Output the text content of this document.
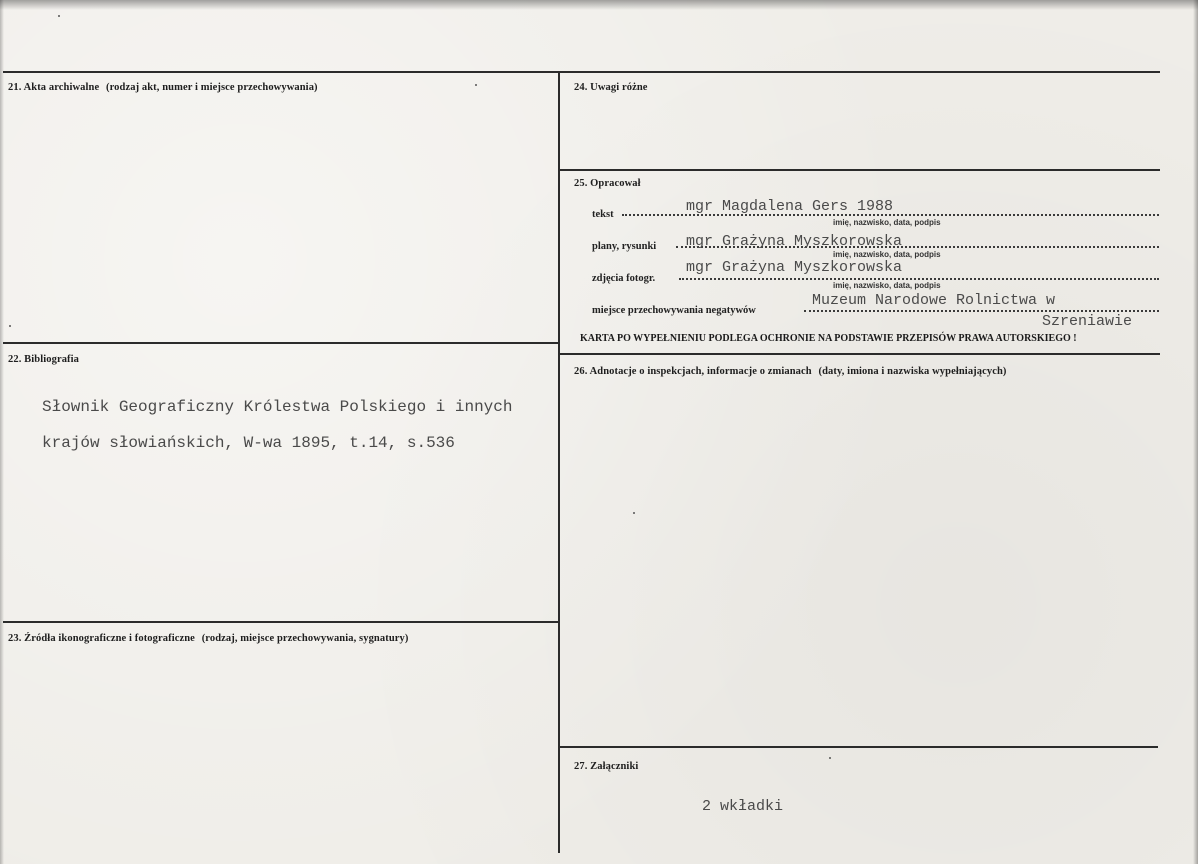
21. Akta archiwalne (rodzaj akt, numer i miejsce przechowywania)
22. Bibliografia
Słownik Geograficzny Królestwa Polskiego i innych
krajów słowiańskich, W-wa 1895, t.14, s.536
23. Źródła ikonograficzne i fotograficzne (rodzaj, miejsce przechowywania, sygnatury)
24. Uwagi różne
25. Opracował
tekst	mgr Magdalena Gers 1988
imię, nazwisko, data, podpis
plany, rysunki mgr Grażyna Myszkorowska
imię, nazwisko, data, podpis
zdjęcia fotogr.
mgr Grażyna Myszkorowska
imię, nazwisko, data, podpis
miejsce przechowywania negatywów
Muzeum Narodowe Rolnictwa w
Szreniawie
KARTA PO WYPEŁNIENIU PODLEGA OCHRONIE NA PODSTAWIE PRZEPISÓW PRAWA AUTORSKIEGO !
26. Adnotacje o inspekcjach, informacje o zmianach (daty, imiona i nazwiska wypełniających)
27. Załączniki
2 wkładki
